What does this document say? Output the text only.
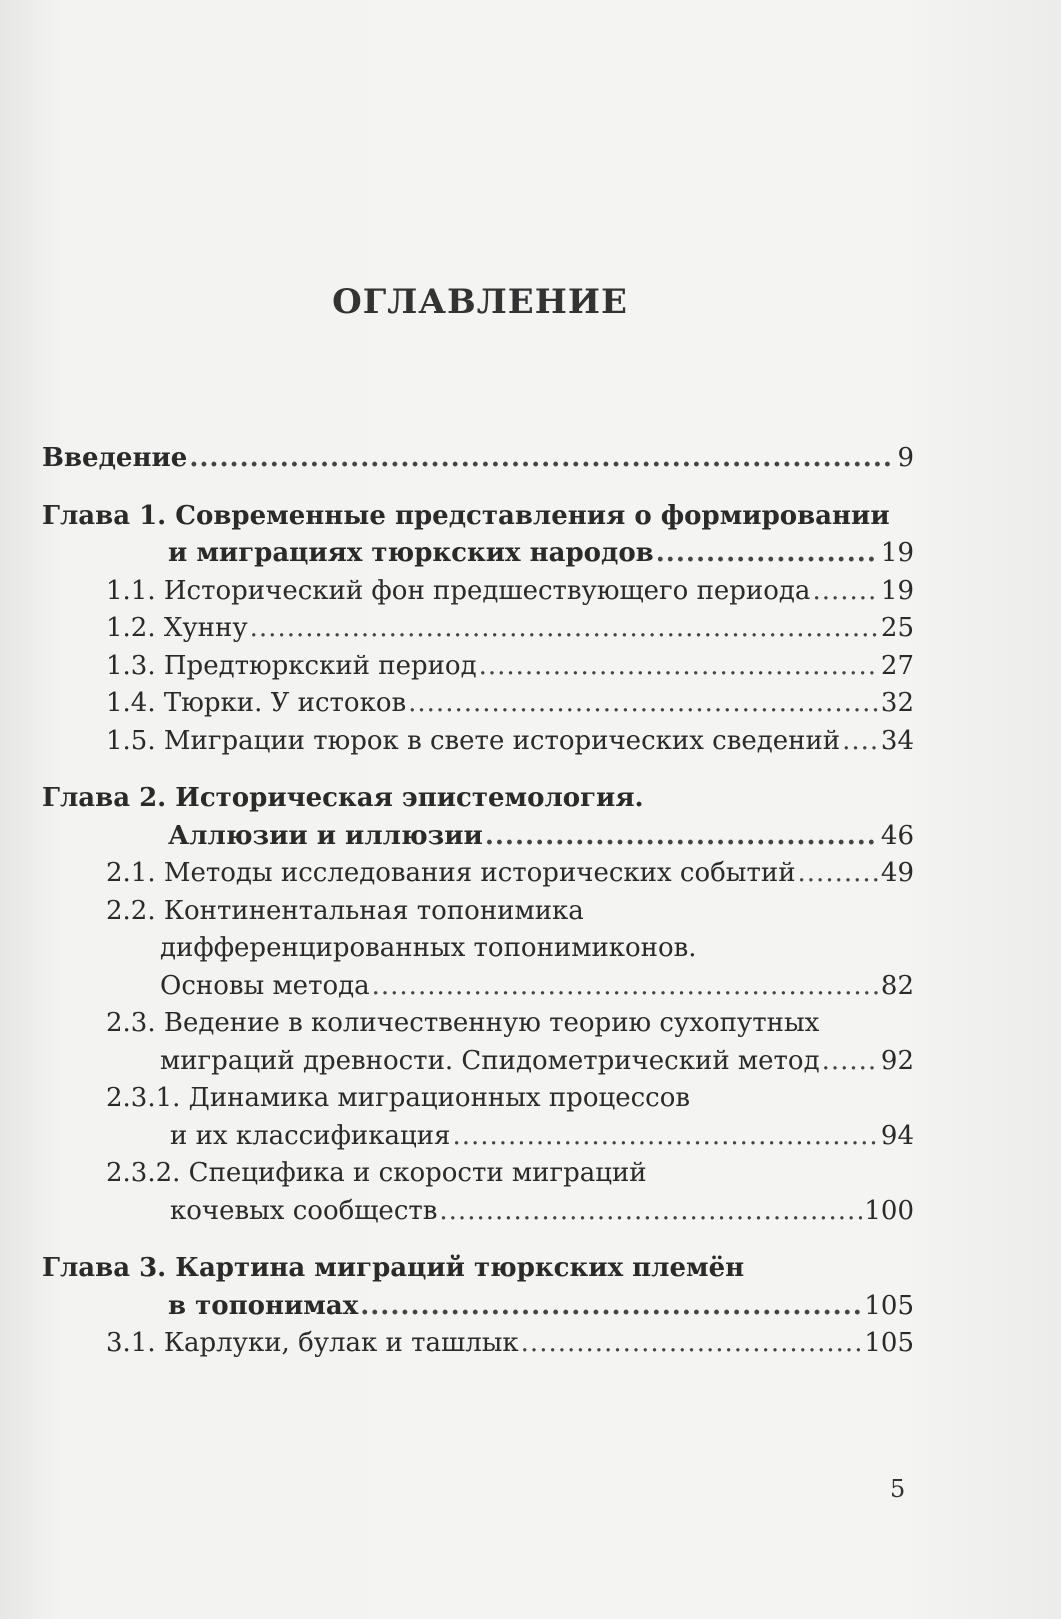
ОГЛАВЛЕНИЕ
Введение .....	9
Глава 1. Современные представления о формировании
и миграциях тюркских народов .....	19
1.1. Исторический фон предшествующего периода .....	19
1.2. Хунну .....	25
1.3. Предтюркский период .....	27
1.4. Тюрки. У истоков .....	32
1.5. Миграции тюрок в свете исторических сведений ..... 34
Глава 2. Историческая эпистемология.
Аллюзии и иллюзии .....	46
2.1. Методы исследования исторических событий .....	49
2.2. Континентальная топонимика
дифференцированных топонимиконов.
Основы метода .....	82
2.3. Ведение в количественную теорию сухопутных
миграций древности. Спидометрический метод ..... 92
2.3.1. Динамика миграционных процессов
и их классификация .....	94
2.3.2. Специфика и скорости миграций
кочевых сообществ .....	100
Глава 3. Картина миграций тюркских племён
в топонимах .....	105
3.1. Карлуки, булак и ташлык .....	105
5
